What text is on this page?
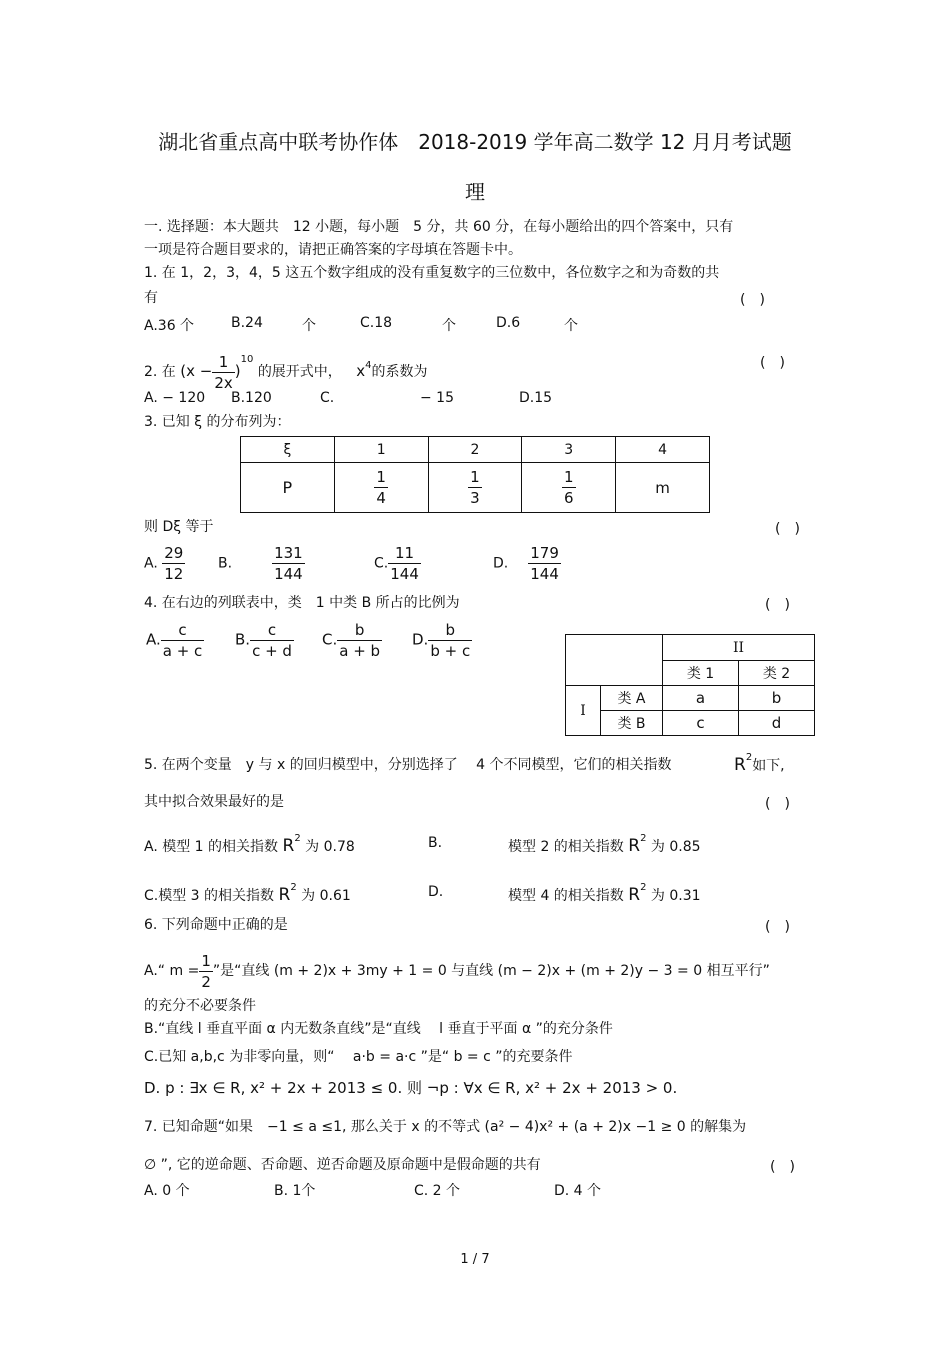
湖北省重点高中联考协作体　2018-2019 学年高二数学 12 月月考试题
理
一. 选择题：本大题共　12 小题，每小题　5 分，共 60 分，在每小题给出的四个答案中，只有
一项是符合题目要求的，请把正确答案的字母填在答题卡中。
1. 在 1，2，3，4，5 这五个数字组成的没有重复数字的三位数中，各位数字之和为奇数的共
有	(　)
A.36 个	B.24	个	C.18	个	D.6	个
2. 在 $(x - \frac{1}{2x} )^{10}$ 的展开式中， $x^4$的系数为
(　)
A. − 120 B.120	C.	− 15	D.15
3. 已知 ξ 的分布列为：
ξ	1	2	3	4
P	$\frac{1}{4}$	$\frac{1}{3}$	$\frac{1}{6}$	m
则 Dξ 等于	(　)
A. $\frac{29}{12} B$.	$\frac{131}{144}$	C. $\frac{11}{144}$	D. $\frac{179}{144}$
4. 在右边的列联表中，类　1 中类 B 所占的比例为	(　)
A. $\frac{c}{a + c} B$. $\frac{c}{c + d} C$. $\frac{b}{a + b} D$. $\frac{b}{b + c}$
		II	
		类 1	类 2
I	类 A	a	b
	类 B	c	d
5. 在两个变量　y 与 x 的回归模型中，分别选择了　 4 个不同模型，它们的相关指数	$R^2$如下,
其中拟合效果最好的是	(　)
A. 模型 1 的相关指数 $R^2$ 为 0.78	B.	模型 2 的相关指数 $R^2$ 为 0.85
C.模型 3 的相关指数 $R^2$ 为 0.61	D.	模型 4 的相关指数 $R^2$ 为 0.31
6. 下列命题中正确的是	(　)
A.“ $m = \frac{1}{2}$ ”是“直线 (m + 2)x + 3my + 1 = 0 与直线 (m − 2)x + (m + 2)y − 3 = 0 相互平行”
的充分不必要条件
B.“直线 l 垂直平面 α 内无数条直线”是“直线　 l 垂直于平面 α ”的充分条件
C.已知 a,b,c 为非零向量，则“　 a·b = a·c ”是“ b = c ”的充要条件
D. p : ∃x ∈ R, x² + 2x + 2013 ≤ 0. 则 ¬p : ∀x ∈ R, x² + 2x + 2013 > 0.
7. 已知命题“如果　−1 ≤ a ≤1, 那么关于 x 的不等式 (a² − 4)x² + (a + 2)x −1 ≥ 0 的解集为
∅ ”, 它的逆命题、否命题、逆否命题及原命题中是假命题的共有	(　)
A. 0 个	B. 1个	C. 2 个	D. 4 个
1 / 7
